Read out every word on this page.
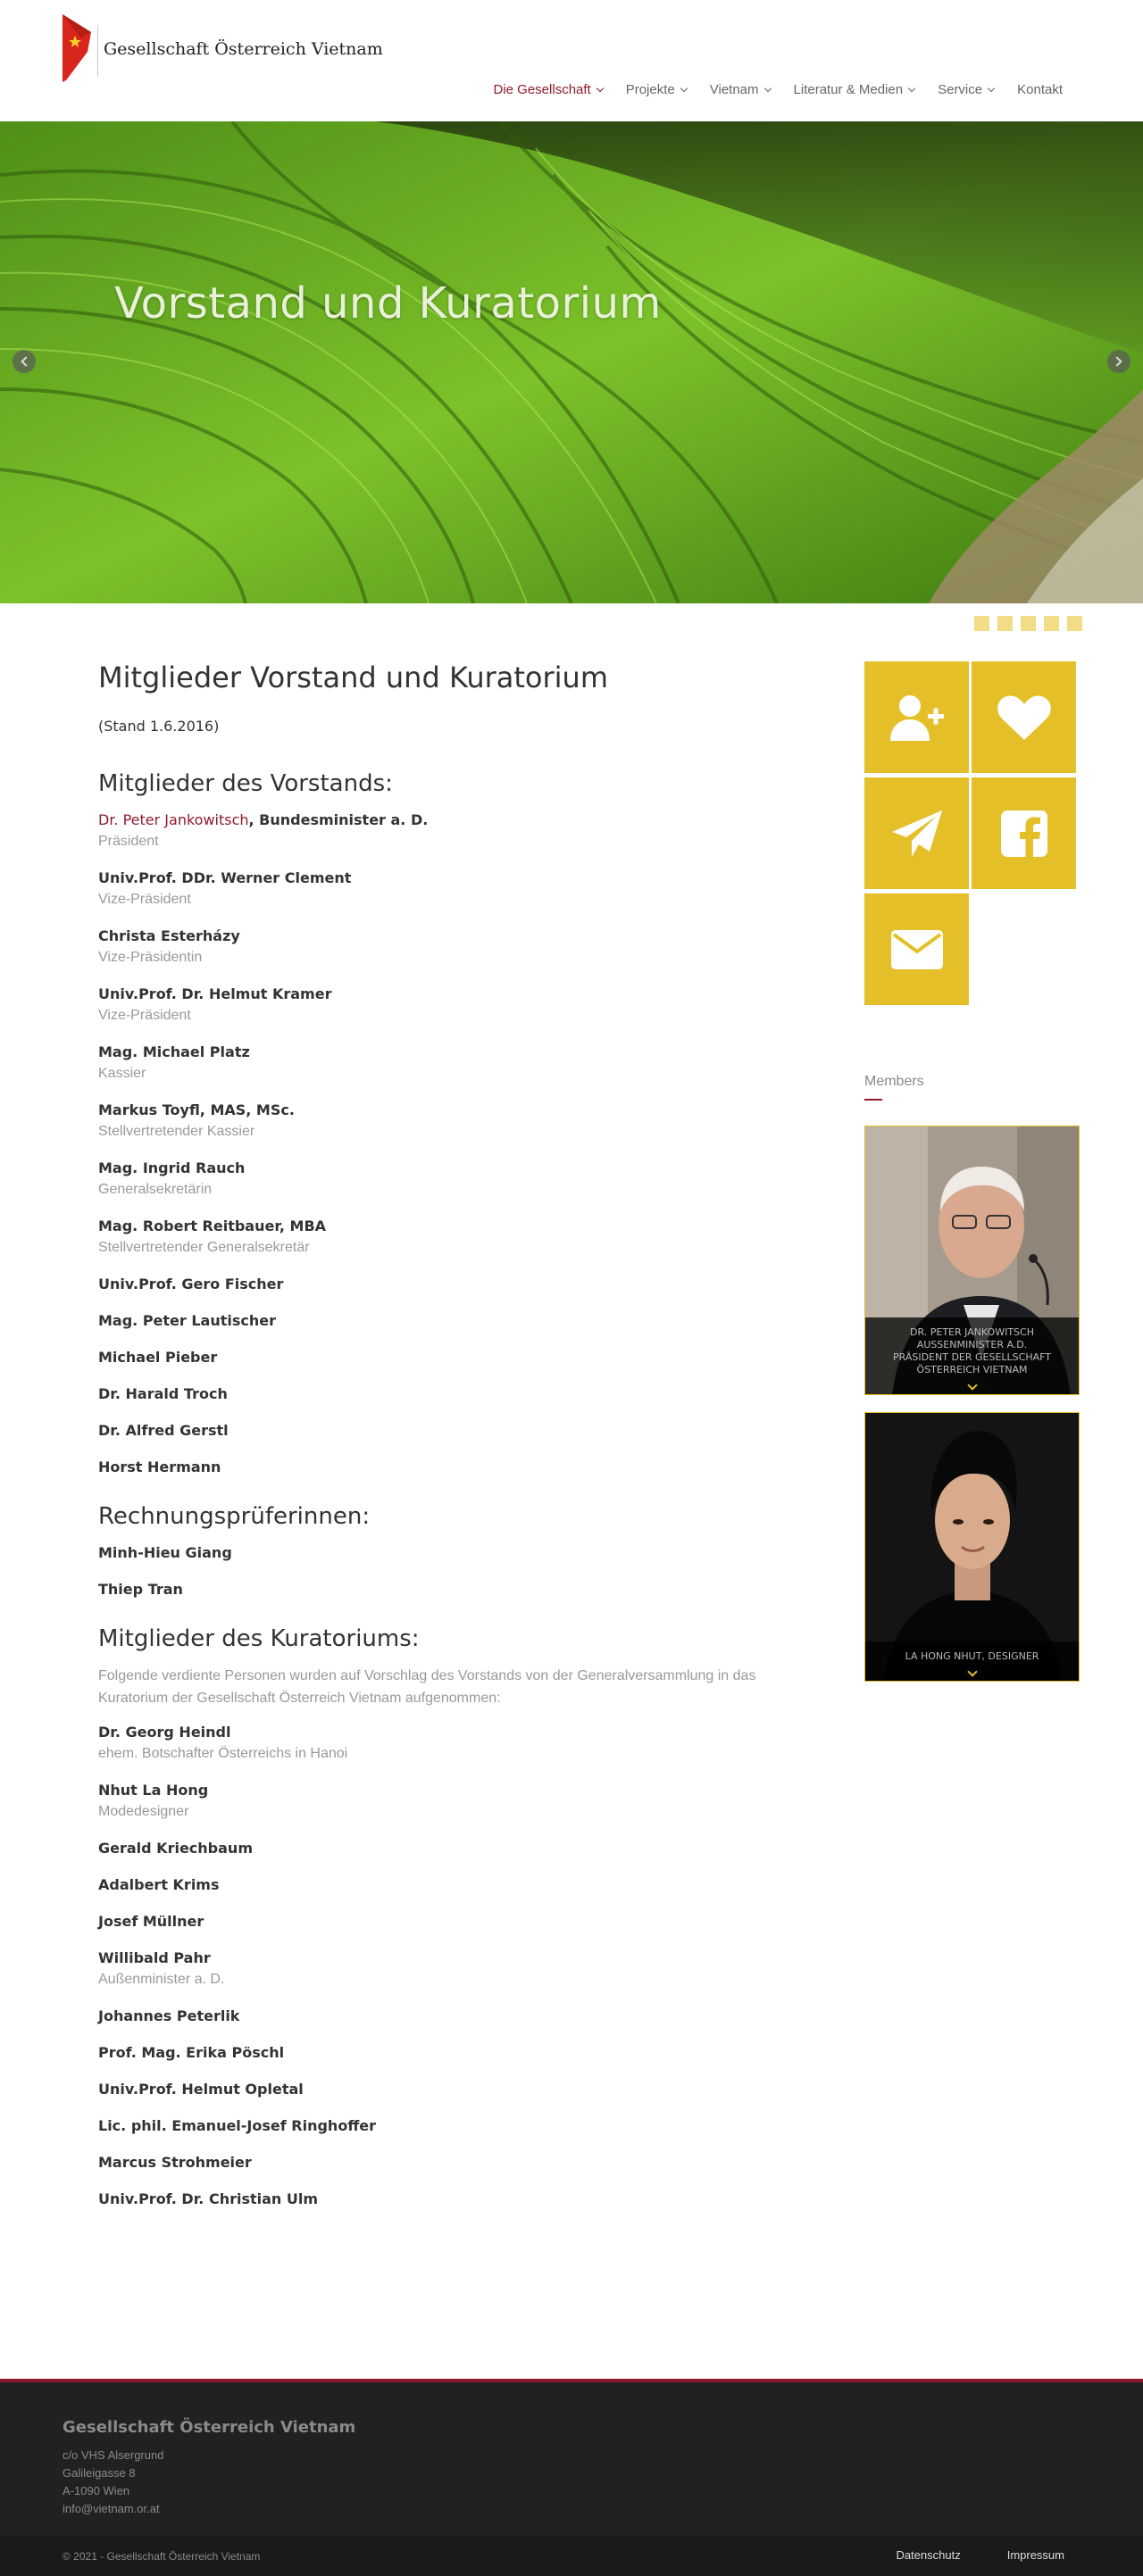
Gesellschaft Österreich Vietnam
Die Gesellschaft	Projekte	Vietnam	Literatur & Medien	Service	Kontakt
Vorstand und Kuratorium
Mitglieder Vorstand und Kuratorium

(Stand 1.6.2016)

Mitglieder des Vorstands:
Dr. Peter Jankowitsch, Bundesminister a. D.
Präsident
Univ.Prof. DDr. Werner Clement
Vize-Präsident
Christa Esterházy
Vize-Präsidentin
Univ.Prof. Dr. Helmut Kramer
Vize-Präsident
Mag. Michael Platz
Kassier
Markus Toyfl, MAS, MSc.
Stellvertretender Kassier
Mag. Ingrid Rauch
Generalsekretärin
Mag. Robert Reitbauer, MBA
Stellvertretender Generalsekretär
Univ.Prof. Gero Fischer
Mag. Peter Lautischer
Michael Pieber
Dr. Harald Troch
Dr. Alfred Gerstl
Horst Hermann
Rechnungsprüferinnen:
Minh-Hieu Giang
Thiep Tran
Mitglieder des Kuratoriums:

Folgende verdiente Personen wurden auf Vorschlag des Vorstands von der Generalversammlung in das Kuratorium der Gesellschaft Österreich Vietnam aufgenommen:

Dr. Georg Heindl
ehem. Botschafter Österreichs in Hanoi
Nhut La Hong
Modedesigner
Gerald Kriechbaum
Adalbert Krims
Josef Müllner
Willibald Pahr
Außenminister a. D.
Johannes Peterlik
Prof. Mag. Erika Pöschl
Univ.Prof. Helmut Opletal
Lic. phil. Emanuel-Josef Ringhoffer
Marcus Strohmeier
Univ.Prof. Dr. Christian Ulm
Members
DR. PETER JANKOWITSCH
AUSSENMINISTER A.D.
PRÄSIDENT DER GESELLSCHAFT
ÖSTERREICH VIETNAM
LA HONG NHUT, DESIGNER
Gesellschaft Österreich Vietnam
c/o VHS Alsergrund
Galileigasse 8
A-1090 Wien
info@vietnam.or.at
© 2021 - Gesellschaft Österreich Vietnam	Datenschutz	Impressum
